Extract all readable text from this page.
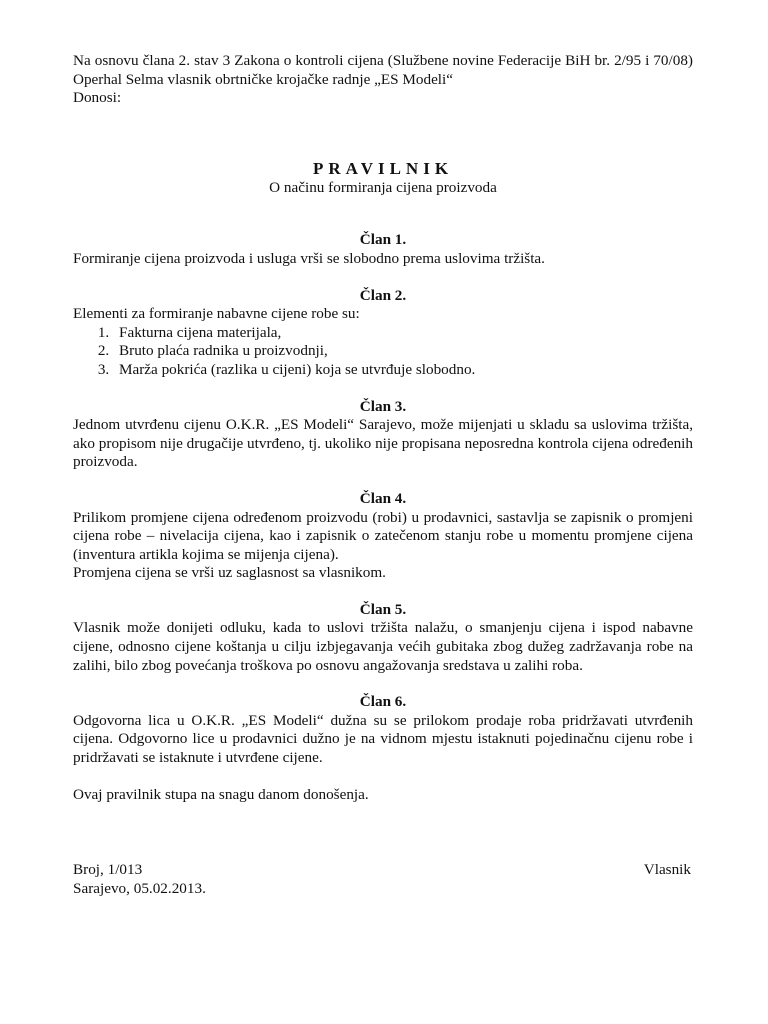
Na osnovu člana 2. stav 3 Zakona o kontroli cijena (Službene novine Federacije BiH br. 2/95 i 70/08) Operhal Selma vlasnik obrtničke krojačke radnje „ES Modeli“

Donosi:

PRAVILNIK

O načinu formiranja cijena proizvoda

Član 1.

Formiranje cijena proizvoda i usluga vrši se slobodno prema uslovima tržišta.

Član 2.

Elementi za formiranje nabavne cijene robe su:

1. Fakturna cijena materijala,
2. Bruto plaća radnika u proizvodnji,
3. Marža pokrića (razlika u cijeni) koja se utvrđuje slobodno.

Član 3.

Jednom utvrđenu cijenu O.K.R. „ES Modeli“ Sarajevo, može mijenjati u skladu sa uslovima tržišta, ako propisom nije drugačije utvrđeno, tj. ukoliko nije propisana neposredna kontrola cijena određenih proizvoda.

Član 4.

Prilikom promjene cijena određenom proizvodu (robi) u prodavnici, sastavlja se zapisnik o promjeni cijena robe – nivelacija cijena, kao i zapisnik o zatečenom stanju robe u momentu promjene cijena (inventura artikla kojima se mijenja cijena).

Promjena cijena se vrši uz saglasnost sa vlasnikom.

Član 5.

Vlasnik može donijeti odluku, kada to uslovi tržišta nalažu, o smanjenju cijena i ispod nabavne cijene, odnosno cijene koštanja u cilju izbjegavanja većih gubitaka zbog dužeg zadržavanja robe na zalihi, bilo zbog povećanja troškova po osnovu angažovanja sredstava u zalihi roba.

Član 6.

Odgovorna lica u O.K.R. „ES Modeli“ dužna su se prilokom prodaje roba pridržavati utvrđenih cijena. Odgovorno lice u prodavnici dužno je na vidnom mjestu istaknuti pojedinačnu cijenu robe i pridržavati se istaknute i utvrđene cijene.

Ovaj pravilnik stupa na snagu danom donošenja.

Broj, 1/013

Sarajevo, 05.02.2013.

Vlasnik
